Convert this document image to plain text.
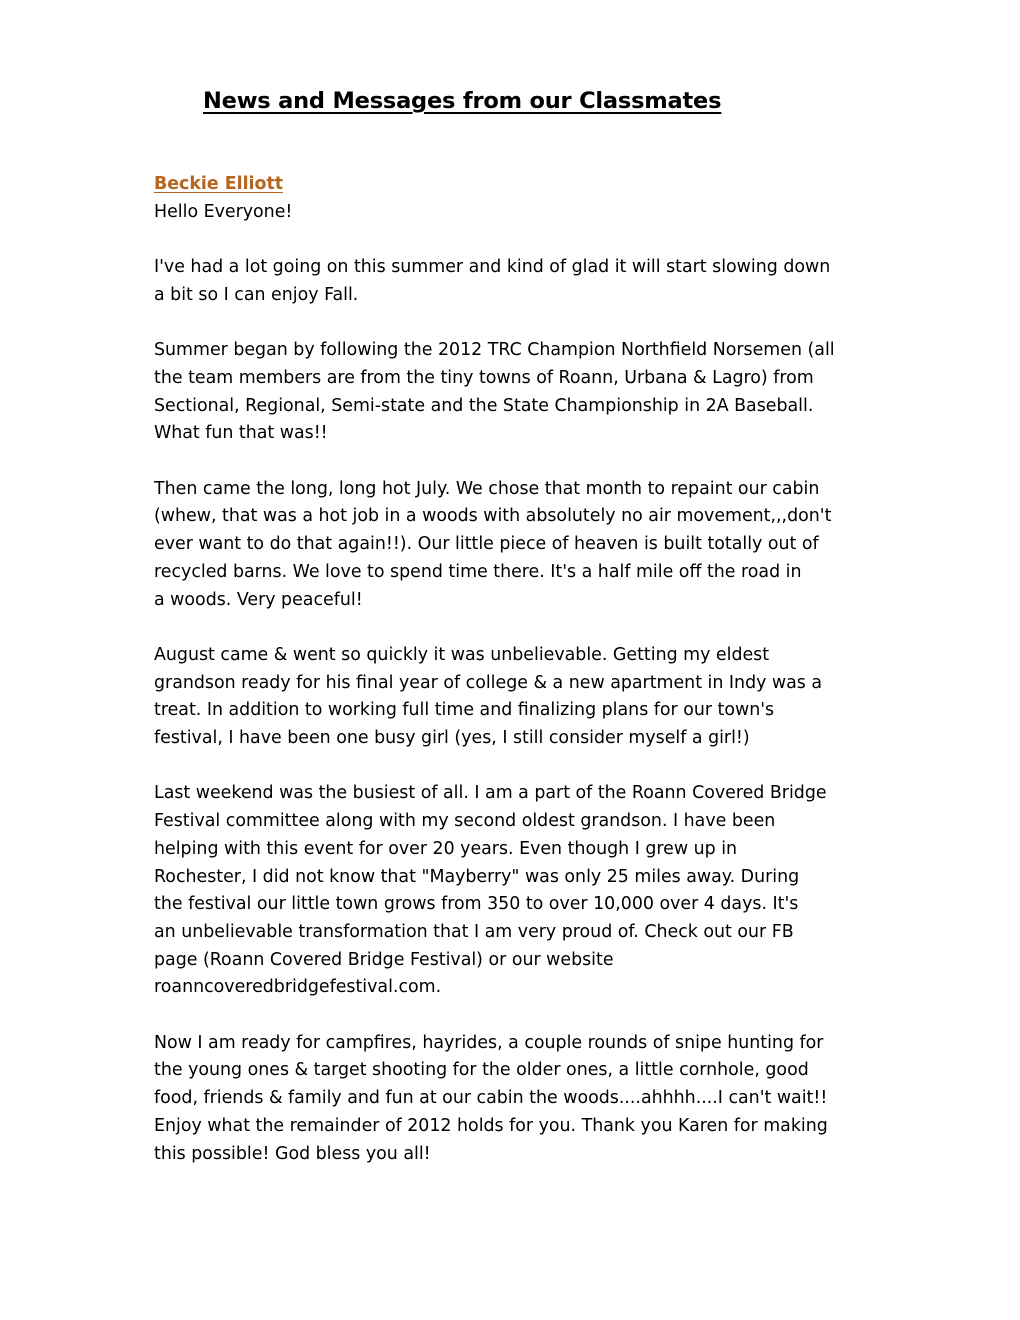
News and Messages from our Classmates

Beckie Elliott

Hello Everyone!

I've had a lot going on this summer and kind of glad it will start slowing down

a bit so I can enjoy Fall.

Summer began by following the 2012 TRC Champion Northfield Norsemen (all

the team members are from the tiny towns of Roann, Urbana & Lagro) from

Sectional, Regional, Semi-state and the State Championship in 2A Baseball.

What fun that was!!

Then came the long, long hot July. We chose that month to repaint our cabin

(whew, that was a hot job in a woods with absolutely no air movement,,,don't

ever want to do that again!!). Our little piece of heaven is built totally out of

recycled barns. We love to spend time there. It's a half mile off the road in

a woods. Very peaceful!

August came & went so quickly it was unbelievable. Getting my eldest

grandson ready for his final year of college & a new apartment in Indy was a

treat. In addition to working full time and finalizing plans for our town's

festival, I have been one busy girl (yes, I still consider myself a girl!)

Last weekend was the busiest of all. I am a part of the Roann Covered Bridge

Festival committee along with my second oldest grandson. I have been

helping with this event for over 20 years. Even though I grew up in

Rochester, I did not know that "Mayberry" was only 25 miles away. During

the festival our little town grows from 350 to over 10,000 over 4 days. It's

an unbelievable transformation that I am very proud of. Check out our FB

page (Roann Covered Bridge Festival) or our website

roanncoveredbridgefestival.com.

Now I am ready for campfires, hayrides, a couple rounds of snipe hunting for

the young ones & target shooting for the older ones, a little cornhole, good

food, friends & family and fun at our cabin the woods....ahhhh....I can't wait!!

Enjoy what the remainder of 2012 holds for you. Thank you Karen for making

this possible! God bless you all!
